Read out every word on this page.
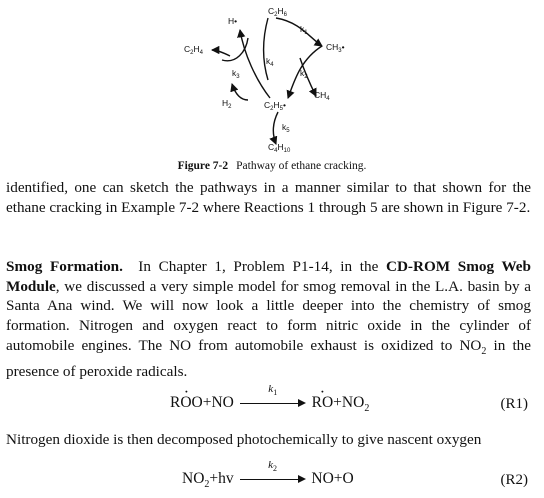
$C_2H_6$
H•
$CH_3•$
$C_2H_4$
$CH_4$
$H_2$	$C_2H_5•$
$C_4H_{10}$
$k_1$
$k_2$
$k_3$
$k_4$
$k_5$
Figure 7-2 Pathway of ethane cracking.
identified, one can sketch the pathways in a manner similar to that shown for the ethane cracking in Example 7-2 where Reactions 1 through 5 are shown in Figure 7-2.
Smog Formation. In Chapter 1, Problem P1-14, in the CD-ROM Smog Web Module, we discussed a very simple model for smog removal in the L.A. basin by a Santa Ana wind. We will now look a little deeper into the chemistry of smog formation. Nitrogen and oxygen react to form nitric oxide in the cylinder of automobile engines. The NO from automobile exhaust is oxidized to $NO_2$ in the presence of peroxide radicals.
ROO ·+NO
$k_1$
RO $\cdot+NO_2$	(R1)
Nitrogen dioxide is then decomposed photochemically to give nascent oxygen
$NO_2+hv$
$k_2$
NO+O	(R2)
